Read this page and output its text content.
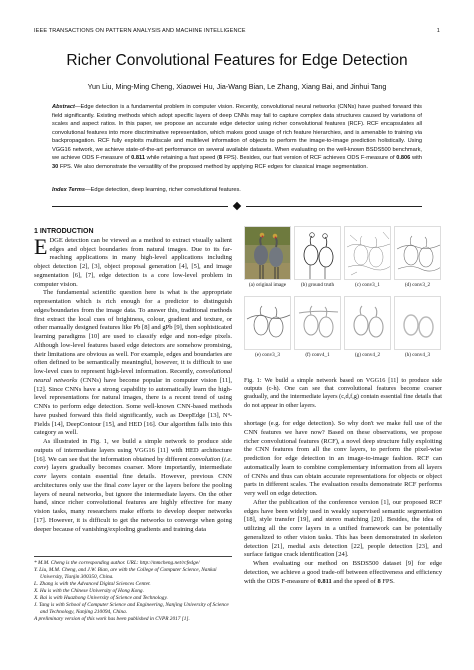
IEEE TRANSACTIONS ON PATTERN ANALYSIS AND MACHINE INTELLIGENCE	1
Richer Convolutional Features for Edge Detection
Yun Liu, Ming-Ming Cheng, Xiaowei Hu, Jia-Wang Bian, Le Zhang, Xiang Bai, and Jinhui Tang
Abstract—Edge detection is a fundamental problem in computer vision. Recently, convolutional neural networks (CNNs) have pushed forward this field significantly. Existing methods which adopt specific layers of deep CNNs may fail to capture complex data structures caused by variations of scales and aspect ratios. In this paper, we propose an accurate edge detector using richer convolutional features (RCF). RCF encapsulates all convolutional features into more discriminative representation, which makes good usage of rich feature hierarchies, and is amenable to training via backpropagation. RCF fully exploits multiscale and multilevel information of objects to perform the image-to-image prediction holistically. Using VGG16 network, we achieve state-of-the-art performance on several available datasets. When evaluating on the well-known BSDS500 benchmark, we achieve ODS F-measure of 0.811 while retaining a fast speed (8 FPS). Besides, our fast version of RCF achieves ODS F-measure of 0.806 with 30 FPS. We also demonstrate the versatility of the proposed method by applying RCF edges for classical image segmentation.
Index Terms—Edge detection, deep learning, richer convolutional features.

1 INTRODUCTION

EDGE detection can be viewed as a method to extract visually salient edges and object boundaries from natural images. Due to its far-reaching applications in many high-level applications including object detection [2], [3], object proposal generation [4], [5], and image segmentation [6], [7], edge detection is a core low-level problem in computer vision.

The fundamental scientific question here is what is the appropriate representation which is rich enough for a predictor to distinguish edges/boundaries from the image data. To answer this, traditional methods first extract the local cues of brightness, colour, gradient and texture, or other manually designed features like Pb [8] and gPb [9], then sophisticated learning paradigms [10] are used to classify edge and non-edge pixels. Although low-level features based edge detectors are somehow promising, their limitations are obvious as well. For example, edges and boundaries are often defined to be semantically meaningful, however, it is difficult to use low-level cues to represent high-level information. Recently, convolutional neural networks (CNNs) have become popular in computer vision [11], [12]. Since CNNs have a strong capability to automatically learn the high-level representations for natural images, there is a recent trend of using CNNs to perform edge detection. Some well-known CNN-based methods have pushed forward this field significantly, such as DeepEdge [13], N⁴-Fields [14], DeepContour [15], and HED [16]. Our algorithm falls into this category as well.

As illustrated in Fig. 1, we build a simple network to produce side outputs of intermediate layers using VGG16 [11] with HED architecture [16]. We can see that the information obtained by different convolution (i.e. conv) layers gradually becomes coarser. More importantly, intermediate conv layers contain essential fine details. However, previous CNN architectures only use the final conv layer or the layers before the pooling layers of neural networks, but ignore the intermediate layers. On the other hand, since richer convolutional features are highly effective for many vision tasks, many researchers make efforts to develop deeper networks [17]. However, it is difficult to get the networks to converge when going deeper because of vanishing/exploding gradients and training data

* M.M. Cheng is the corresponding author. URL: http://mmcheng.net/rcfedge/
Y. Liu, M.M. Cheng, and J.W. Bian, are with the College of Computer Science, Nankai University, Tianjin 300350, China.
L. Zhang is with the Advanced Digital Sciences Center.
X. Hu is with the Chinese University of Hong Kong.
X. Bai is with Huazhong University of Science and Technology.
J. Tang is with School of Computer Science and Engineering, Nanjing University of Science and Technology, Nanjing 210094, China.
A preliminary version of this work has been published in CVPR 2017 [1].
(a) original image	(b) ground truth	(c) conv3_1	(d) conv3_2
(e) conv3_3	(f) conv4_1	(g) conv4_2	(h) conv4_3
Fig. 1: We build a simple network based on VGG16 [11] to produce side outputs (c-h). One can see that convolutional features become coarser gradually, and the intermediate layers (c,d,f,g) contain essential fine details that do not appear in other layers.

shortage (e.g. for edge detection). So why don't we make full use of the CNN features we have now? Based on these observations, we propose richer convolutional features (RCF), a novel deep structure fully exploiting the CNN features from all the conv layers, to perform the pixel-wise prediction for edge detection in an image-to-image fashion. RCF can automatically learn to combine complementary information from all layers of CNNs and thus can obtain accurate representations for objects or object parts in different scales. The evaluation results demonstrate RCF performs very well on edge detection.

After the publication of the conference version [1], our proposed RCF edges have been widely used in weakly supervised semantic segmentation [18], style transfer [19], and stereo matching [20]. Besides, the idea of utilizing all the conv layers in a unified framework can be potentially generalized to other vision tasks. This has been demonstrated in skeleton detection [21], medial axis detection [22], people detection [23], and surface fatigue crack identification [24].

When evaluating our method on BSDS500 dataset [9] for edge detection, we achieve a good trade-off between effectiveness and efficiency with the ODS F-measure of 0.811 and the speed of 8 FPS.
